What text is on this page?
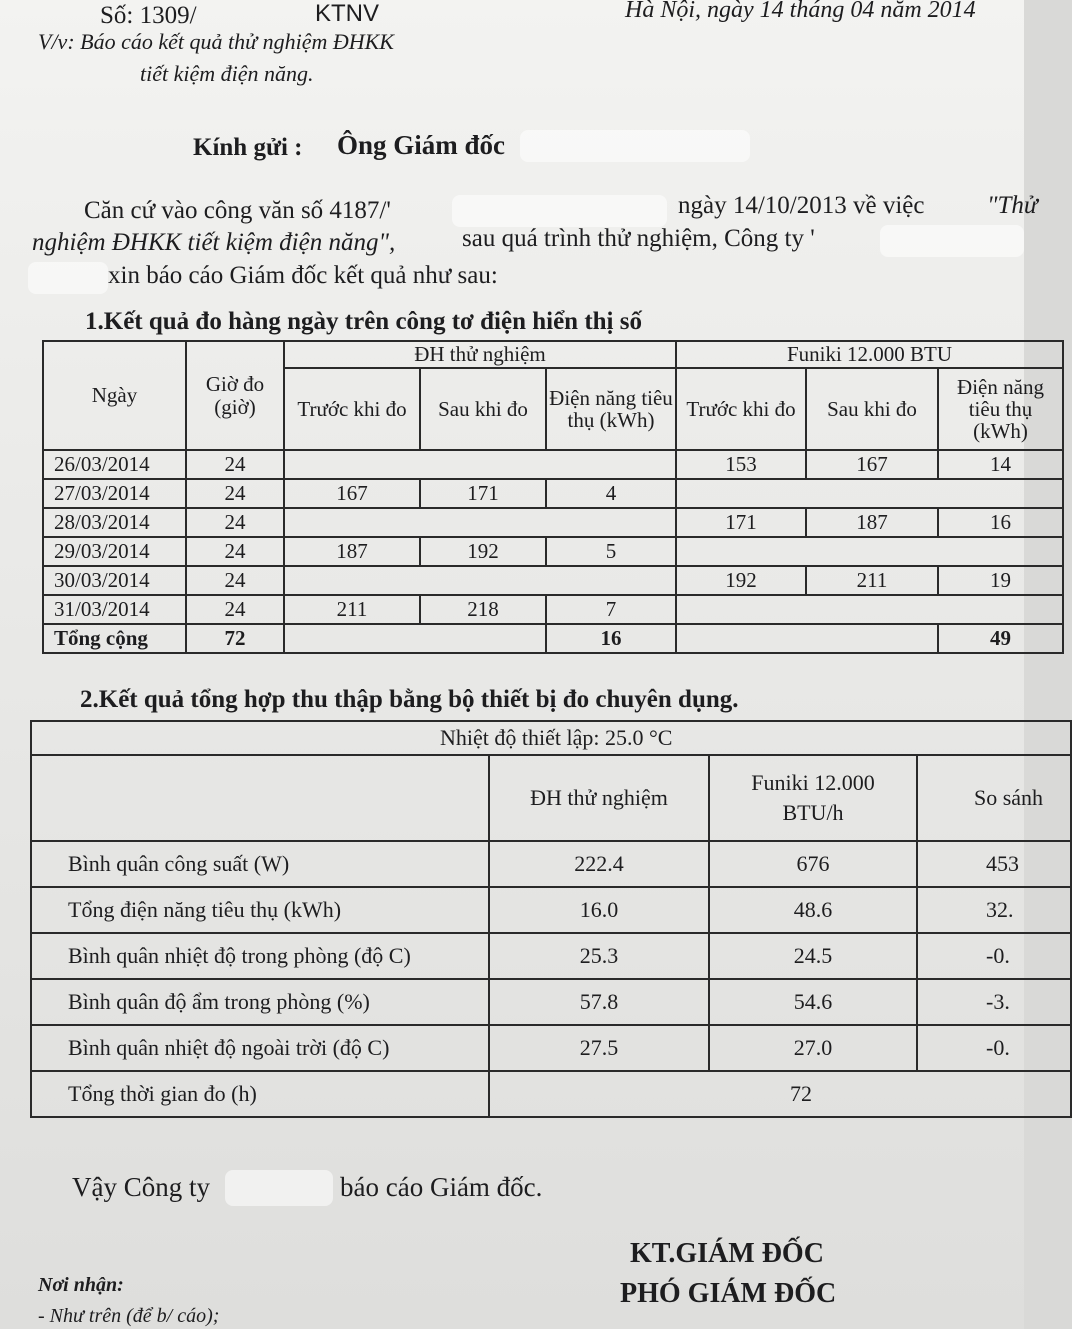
Số: 1309/	KTNV	Hà Nội, ngày 14 tháng 04 năm 2014
V/v: Báo cáo kết quả thử nghiệm ĐHKK
tiết kiệm điện năng.
Kính gửi : Ông Giám đốc
Căn cứ vào công văn số 4187/'	ngày 14/10/2013 về việc	"Thử
nghiệm ĐHKK tiết kiệm điện năng",	sau quá trình thử nghiệm, Công ty '
xin báo cáo Giám đốc kết quả như sau:
1.Kết quả đo hàng ngày trên công tơ điện hiển thị số
Ngày	Giờ đo (giờ)	ĐH thử nghiệm			Funiki 12.000 BTU		
		Trước khi đo	Sau khi đo	Điện năng tiêu thụ (kWh)	Trước khi đo	Sau khi đo	Điện năng tiêu thụ (kWh)
26/03/2014	24				153	167	14
27/03/2014	24	167	171	4			
28/03/2014	24				171	187	16
29/03/2014	24	187	192	5			
30/03/2014	24				192	211	19
31/03/2014	24	211	218	7			
Tổng cộng	72			16			49
2.Kết quả tổng hợp thu thập bằng bộ thiết bị đo chuyên dụng.
Nhiệt độ thiết lập: 25.0 °C			
	ĐH thử nghiệm	Funiki 12.000 BTU/h	So sánh
Bình quân công suất (W)	222.4	676	453
Tổng điện năng tiêu thụ (kWh)	16.0	48.6	32.
Bình quân nhiệt độ trong phòng (độ C)	25.3	24.5	-0.
Bình quân độ ẩm trong phòng (%)	57.8	54.6	-3.
Bình quân nhiệt độ ngoài trời (độ C)	27.5	27.0	-0.
Tổng thời gian đo (h)	72		
Vậy Công ty	báo cáo Giám đốc.
KT.GIÁM ĐỐC
PHÓ GIÁM ĐỐC
Nơi nhận:
- Như trên (để b/ cáo);
